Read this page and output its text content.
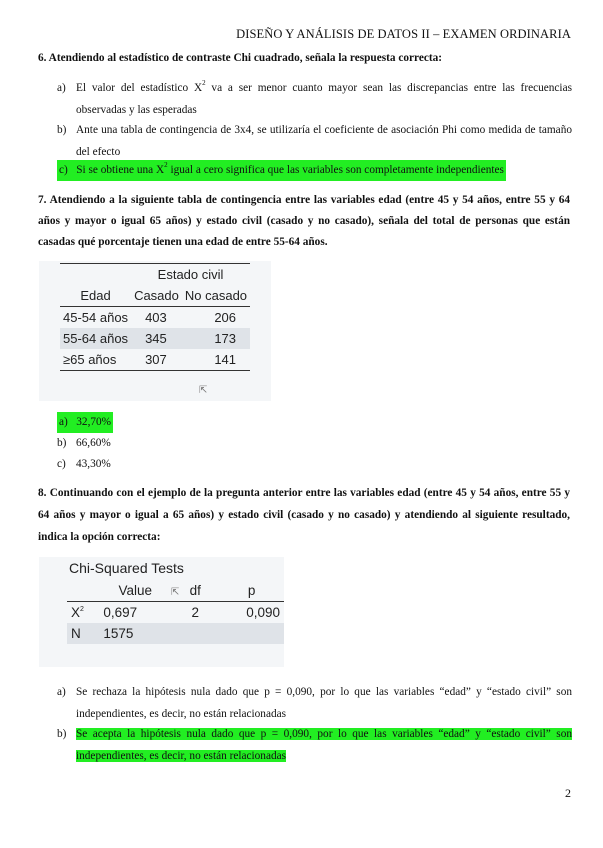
DISEÑO Y ANÁLISIS DE DATOS II – EXAMEN ORDINARIA
6. Atendiendo al estadístico de contraste Chi cuadrado, señala la respuesta correcta:
a) El valor del estadístico $X^2$ va a ser menor cuanto mayor sean las discrepancias entre las frecuencias observadas y las esperadas
b) Ante una tabla de contingencia de 3x4, se utilizaría el coeficiente de asociación Phi como medida de tamaño del efecto
c) Si se obtiene una $X^2$ igual a cero significa que las variables son completamente independientes
7. Atendiendo a la siguiente tabla de contingencia entre las variables edad (entre 45 y 54 años, entre 55 y 64 años y mayor o igual 65 años) y estado civil (casado y no casado), señala del total de personas que están casadas qué porcentaje tienen una edad de entre 55-64 años.
	Estado civil	
Edad	Casado	No casado
45-54 años	403	206
55-64 años	345	173
≥65 años	307	141
⇱
a) 32,70%
b) 66,60%
c) 43,30%
8. Continuando con el ejemplo de la pregunta anterior entre las variables edad (entre 45 y 54 años, entre 55 y 64 años y mayor o igual a 65 años) y estado civil (casado y no casado) y atendiendo al siguiente resultado, indica la opción correcta:
Chi-Squared Tests
	Value	df	p
$X^2$	0,697	2	0,090
N	1575		
⇱
a) Se rechaza la hipótesis nula dado que p = 0,090, por lo que las variables “edad” y “estado civil” son independientes, es decir, no están relacionadas
b) Se acepta la hipótesis nula dado que p = 0,090, por lo que las variables “edad” y “estado civil” son independientes, es decir, no están relacionadas
2
